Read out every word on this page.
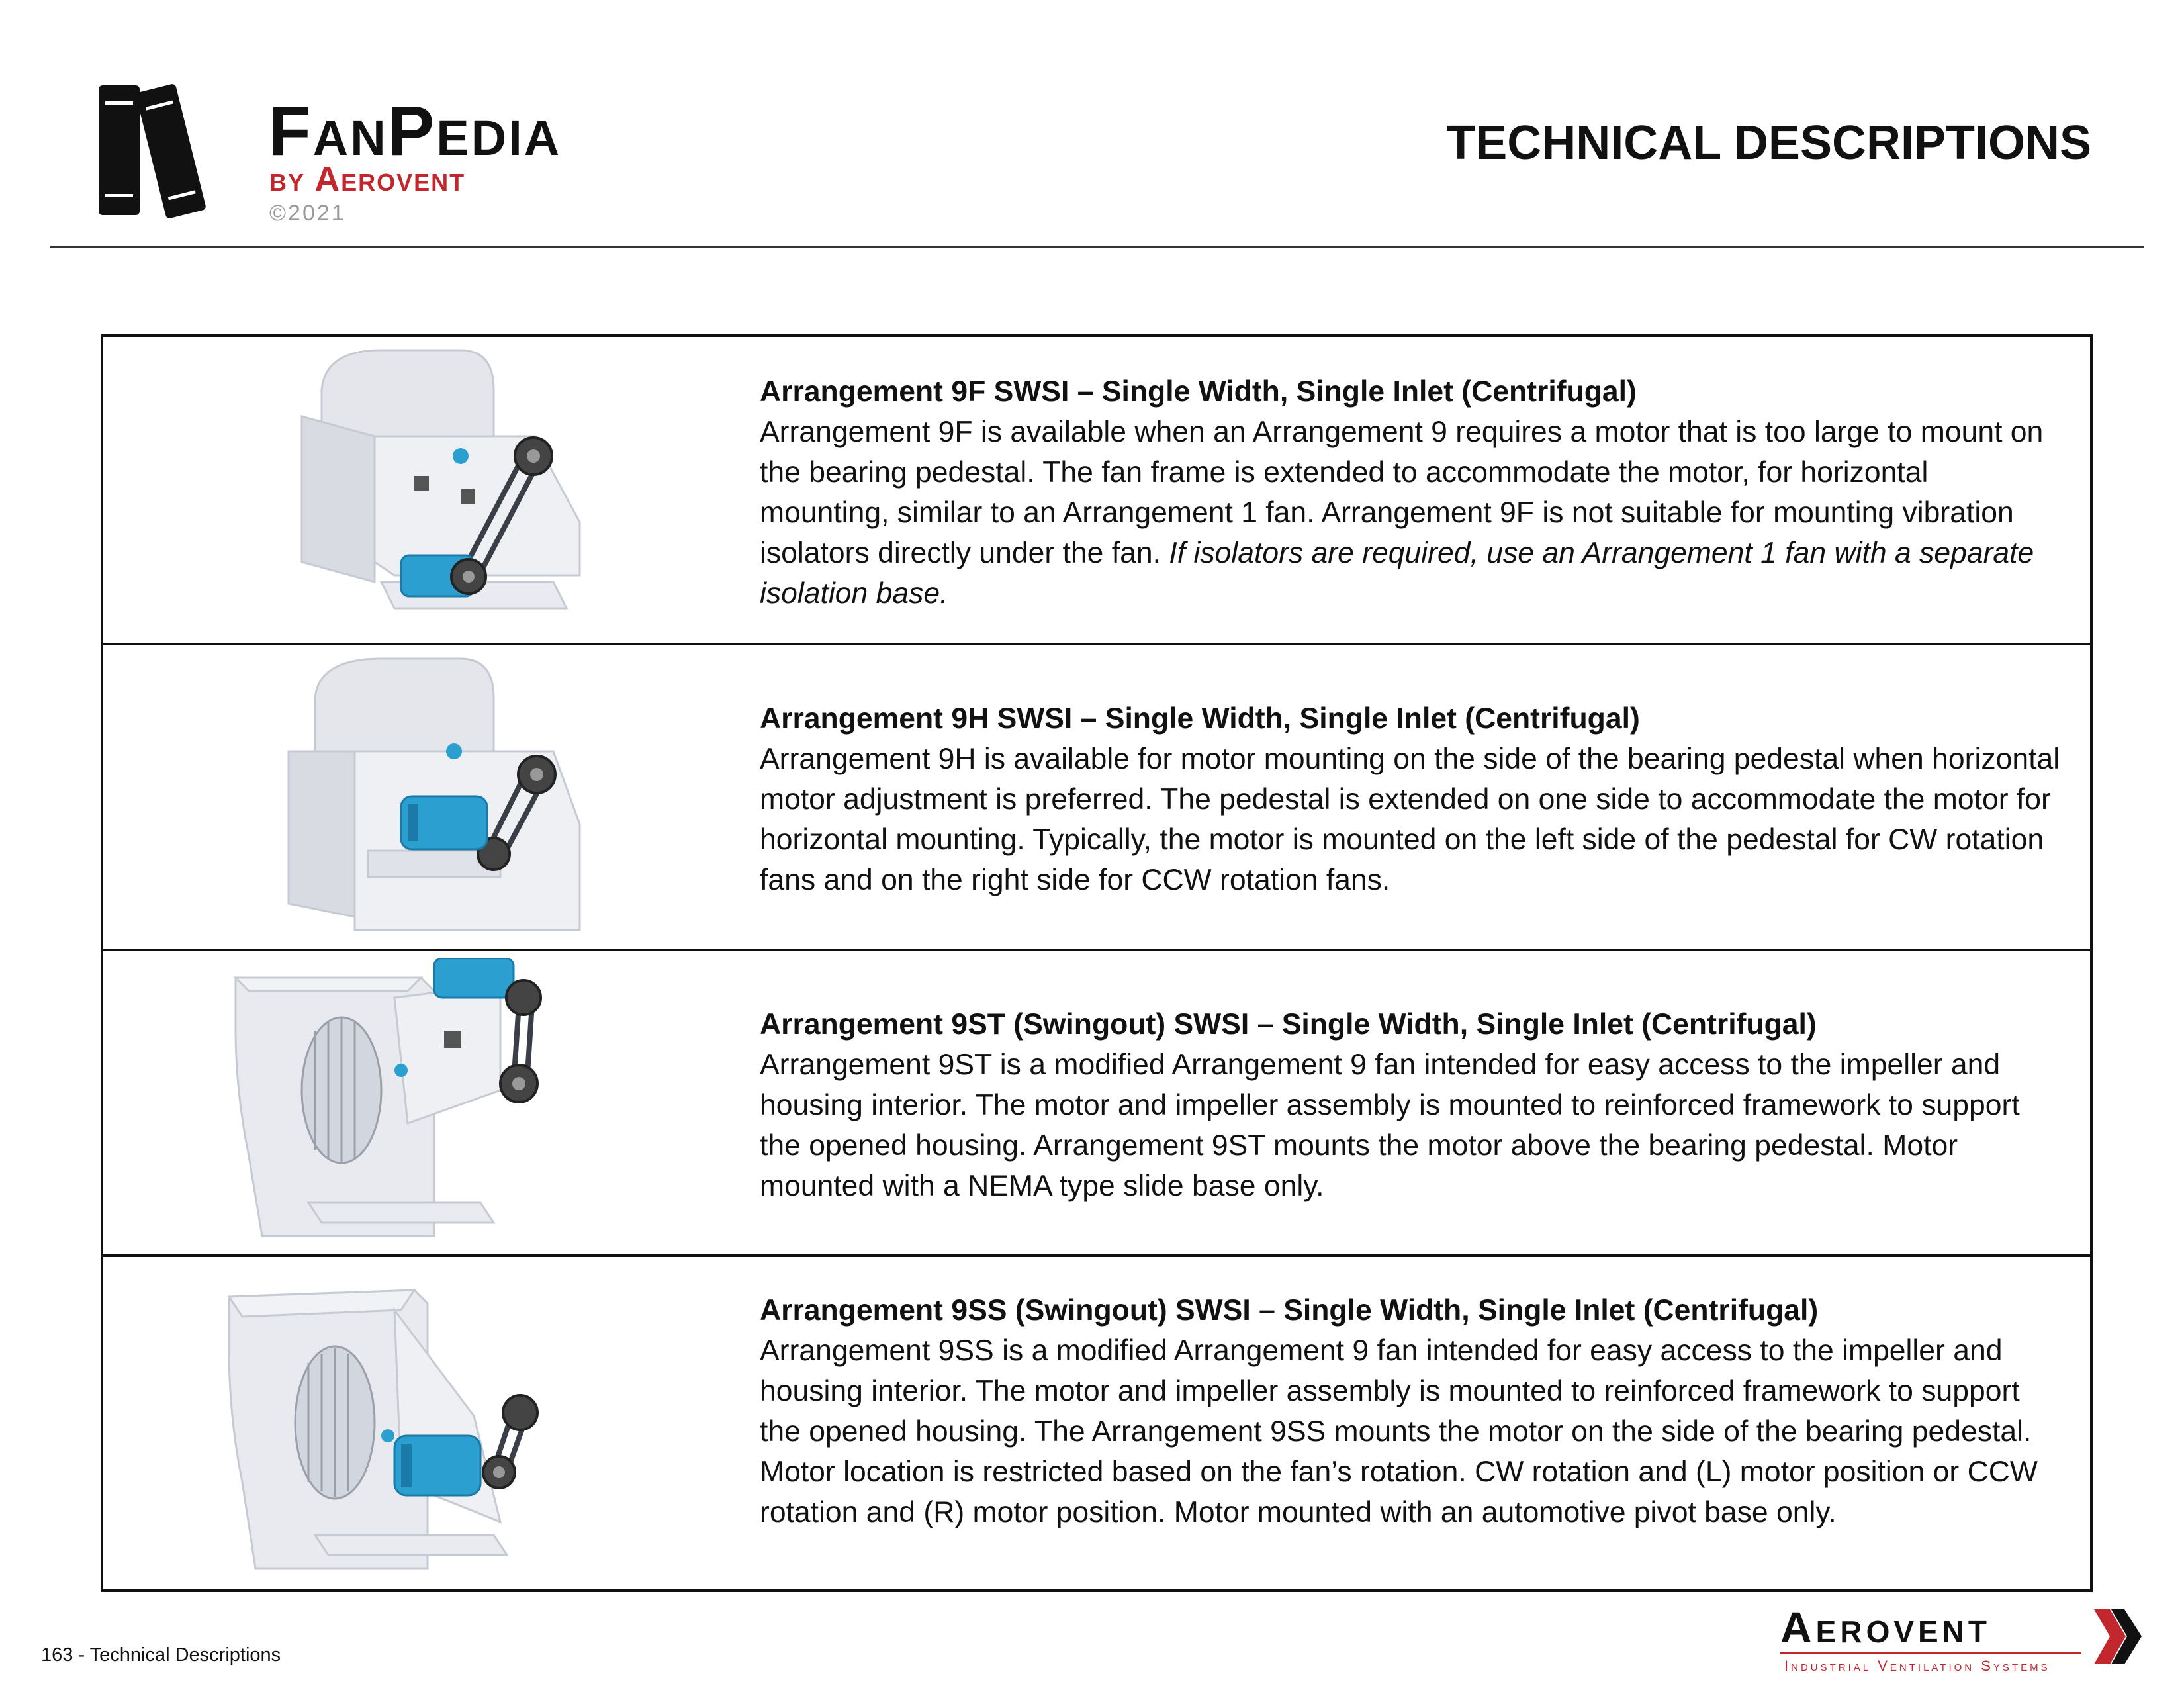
FanPedia
by Aerovent
©2021
TECHNICAL DESCRIPTIONS
Arrangement 9F SWSI – Single Width, Single Inlet (Centrifugal)

Arrangement 9F is available when an Arrangement 9 requires a motor that is too large to mount on the bearing pedestal. The fan frame is extended to accommodate the motor, for horizontal mounting, similar to an Arrangement 1 fan. Arrangement 9F is not suitable for mounting vibration isolators directly under the fan. If isolators are required, use an Arrangement 1 fan with a separate isolation base.

Arrangement 9H SWSI – Single Width, Single Inlet (Centrifugal)

Arrangement 9H is available for motor mounting on the side of the bearing pedestal when horizontal motor adjustment is preferred. The pedestal is extended on one side to accommodate the motor for horizontal mounting. Typically, the motor is mounted on the left side of the pedestal for CW rotation fans and on the right side for CCW rotation fans.

Arrangement 9ST (Swingout) SWSI – Single Width, Single Inlet (Centrifugal)

Arrangement 9ST is a modified Arrangement 9 fan intended for easy access to the impeller and housing interior. The motor and impeller assembly is mounted to reinforced framework to support the opened housing. Arrangement 9ST mounts the motor above the bearing pedestal. Motor mounted with a NEMA type slide base only.

Arrangement 9SS (Swingout) SWSI – Single Width, Single Inlet (Centrifugal)

Arrangement 9SS is a modified Arrangement 9 fan intended for easy access to the impeller and housing interior. The motor and impeller assembly is mounted to reinforced framework to support the opened housing. The Arrangement 9SS mounts the motor on the side of the bearing pedestal. Motor location is restricted based on the fan’s rotation. CW rotation and (L) motor position or CCW rotation and (R) motor position. Motor mounted with an automotive pivot base only.

163 - Technical Descriptions
Aerovent
Industrial Ventilation Systems
